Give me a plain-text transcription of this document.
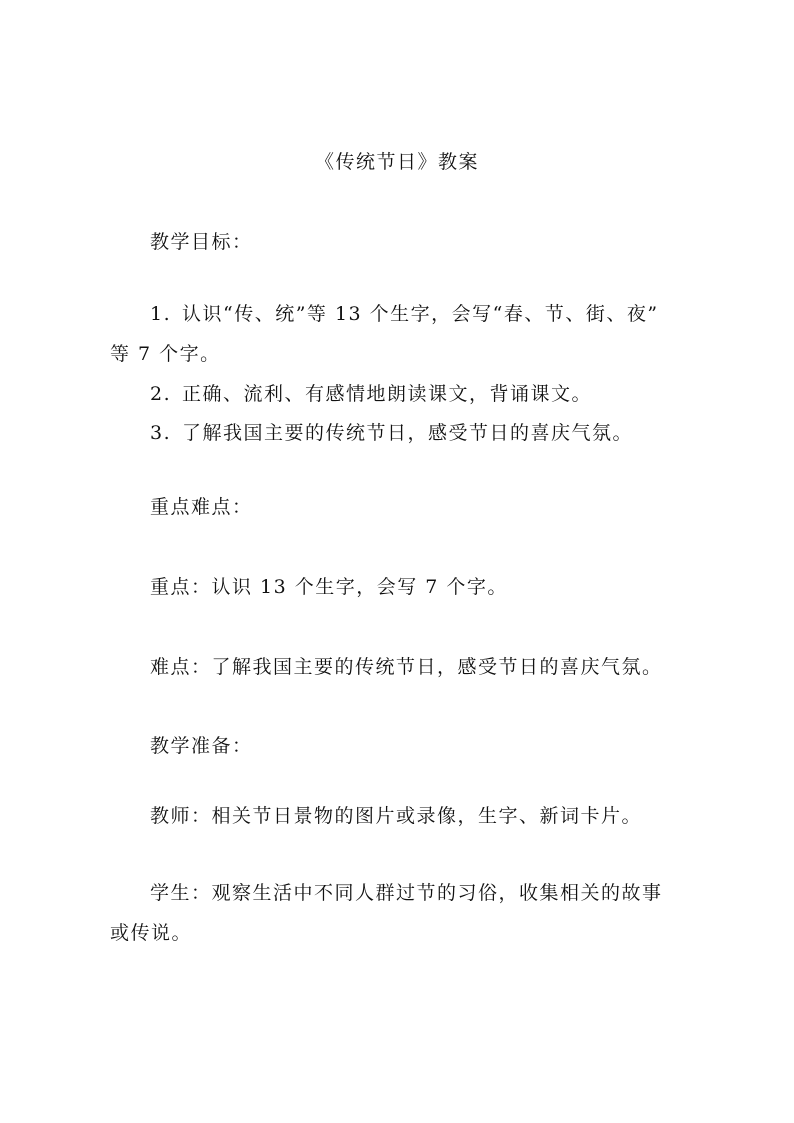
《传统节日》教案
教学目标：
1. 认识“传、统”等 13 个生字，会写“春、节、街、夜”
等 7 个字。
2. 正确、流利、有感情地朗读课文，背诵课文。
3. 了解我国主要的传统节日，感受节日的喜庆气氛。
重点难点：
重点：认识 13 个生字，会写 7 个字。
难点：了解我国主要的传统节日，感受节日的喜庆气氛。
教学准备：
教师：相关节日景物的图片或录像，生字、新词卡片。
学生：观察生活中不同人群过节的习俗，收集相关的故事
或传说。
